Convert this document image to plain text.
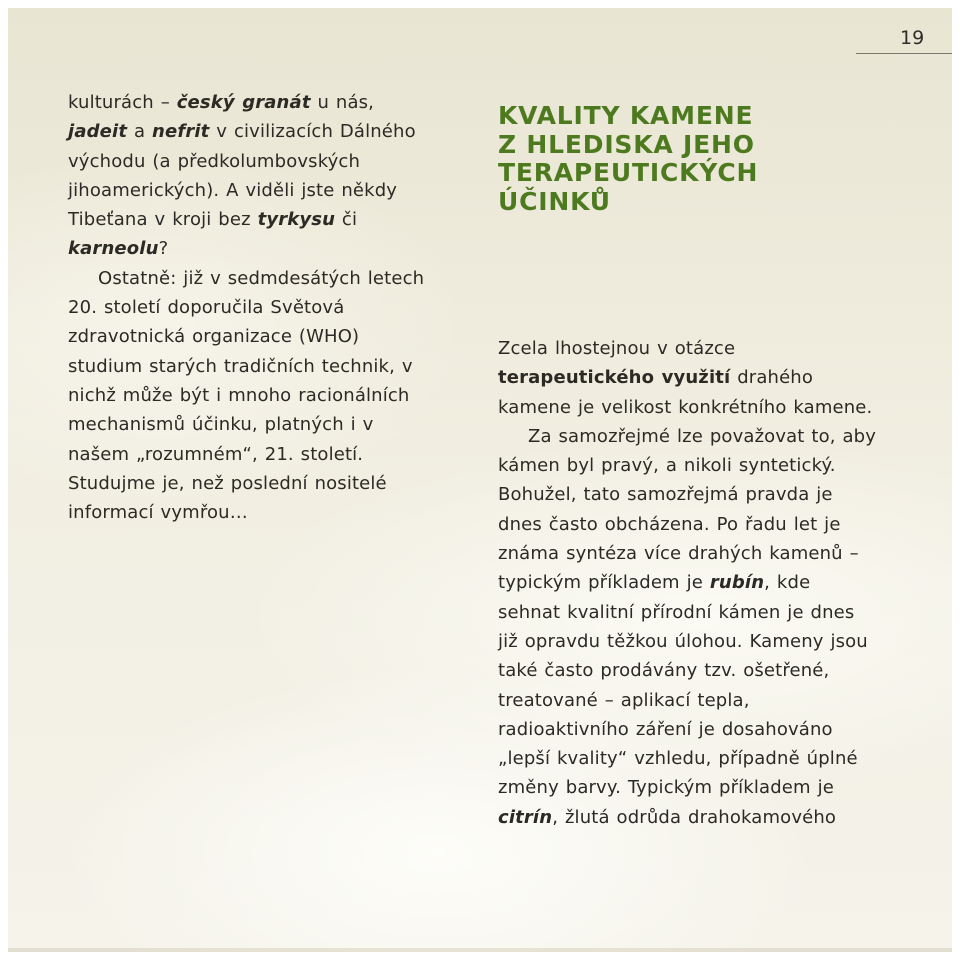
19

kulturách – český granát u nás, jadeit a nefrit v civilizacích Dálného východu (a předkolumbovských jihoamerických). A viděli jste někdy Tibeťana v kroji bez tyrkysu či karneolu?

Ostatně: již v sedmdesátých letech 20. století doporučila Světová zdravotnická organizace (WHO) studium starých tradičních technik, v nichž může být i mnoho racionálních mechanismů účinku, platných i v našem „rozumném“, 21. století. Studujme je, než poslední nositelé informací vymřou…

KVALITY KAMENE
Z HLEDISKA JEHO
TERAPEUTICKÝCH ÚČINKŮ

Zcela lhostejnou v otázce terapeutického využití drahého kamene je velikost konkrétního kamene.

Za samozřejmé lze považovat to, aby kámen byl pravý, a nikoli syntetický. Bohužel, tato samozřejmá pravda je dnes často obcházena. Po řadu let je známa syntéza více drahých kamenů – typickým příkladem je rubín, kde sehnat kvalitní přírodní kámen je dnes již opravdu těžkou úlohou. Kameny jsou také často prodávány tzv. ošetřené, treatované – aplikací tepla, radioaktivního záření je dosahováno „lepší kvality“ vzhledu, případně úplné změny barvy. Typickým příkladem je citrín, žlutá odrůda drahokamového
